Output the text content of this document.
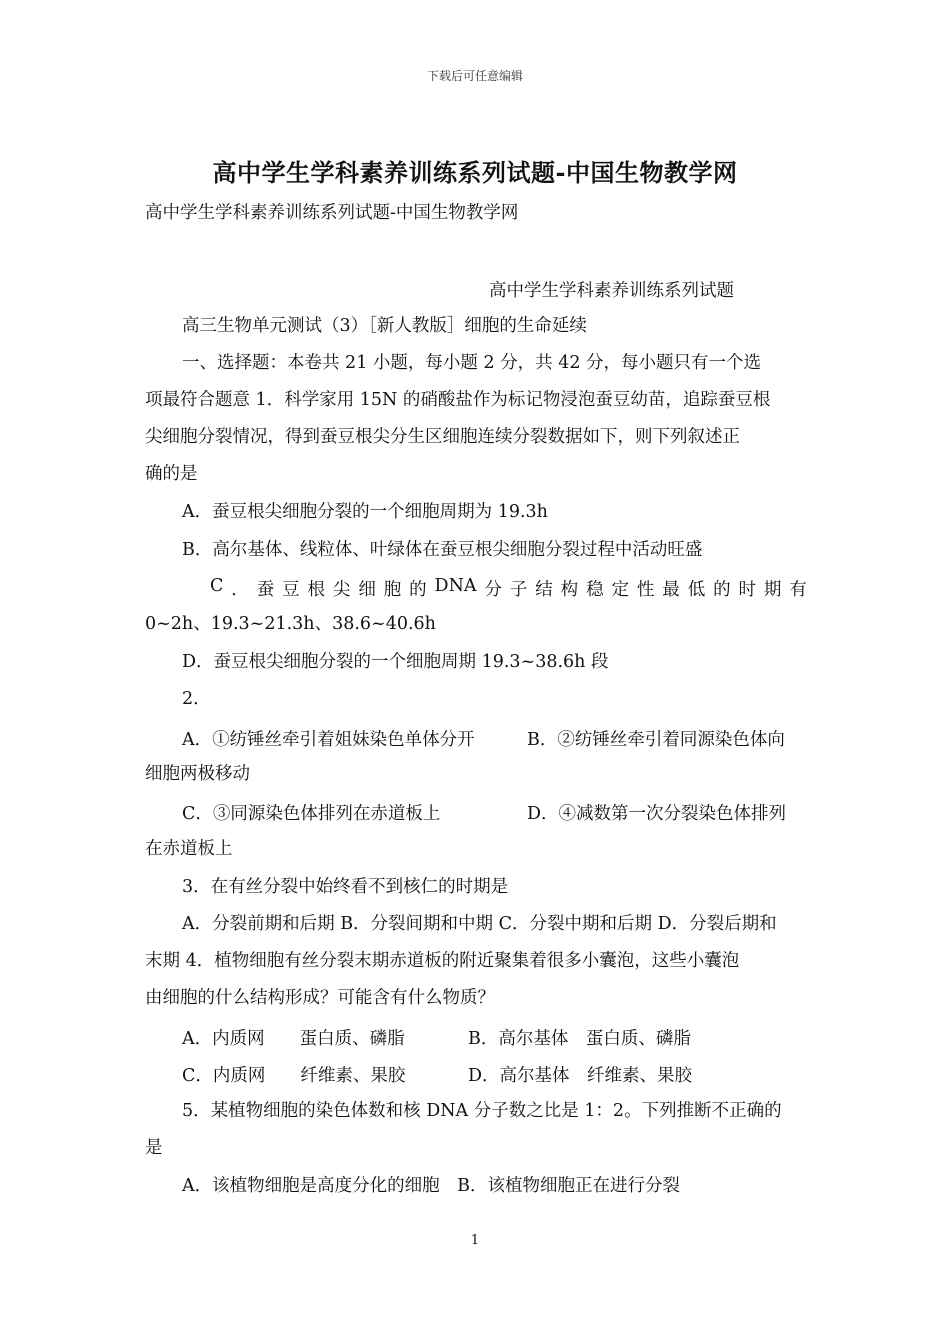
下载后可任意编辑
高中学生学科素养训练系列试题-中国生物教学网
高中学生学科素养训练系列试题-中国生物教学网
高中学生学科素养训练系列试题
高三生物单元测试（3）［新人教版］细胞的生命延续
一、选择题：本卷共 21 小题，每小题 2 分，共 42 分，每小题只有一个选
项最符合题意 1．科学家用 15N 的硝酸盐作为标记物浸泡蚕豆幼苗，追踪蚕豆根
尖细胞分裂情况，得到蚕豆根尖分生区细胞连续分裂数据如下，则下列叙述正
确的是
A．蚕豆根尖细胞分裂的一个细胞周期为 19.3h
B．高尔基体、线粒体、叶绿体在蚕豆根尖细胞分裂过程中活动旺盛
C ． 蚕 豆 根 尖 细 胞 的 DNA 分 子 结 构 稳 定 性 最 低 的 时 期 有
0~2h、19.3~21.3h、38.6~40.6h
D．蚕豆根尖细胞分裂的一个细胞周期 19.3~38.6h 段
2．
A．①纺锤丝牵引着姐妹染色单体分开	B．②纺锤丝牵引着同源染色体向
细胞两极移动
C．③同源染色体排列在赤道板上	D．④减数第一次分裂染色体排列
在赤道板上
3．在有丝分裂中始终看不到核仁的时期是
A．分裂前期和后期 B．分裂间期和中期 C．分裂中期和后期 D．分裂后期和
末期 4．植物细胞有丝分裂末期赤道板的附近聚集着很多小囊泡，这些小囊泡
由细胞的什么结构形成？可能含有什么物质？
A．内质网　　蛋白质、磷脂	B．高尔基体　蛋白质、磷脂
C．内质网　　纤维素、果胶	D．高尔基体　纤维素、果胶
5．某植物细胞的染色体数和核 DNA 分子数之比是 1：2。下列推断不正确的
是
A．该植物细胞是高度分化的细胞　B．该植物细胞正在进行分裂
1
